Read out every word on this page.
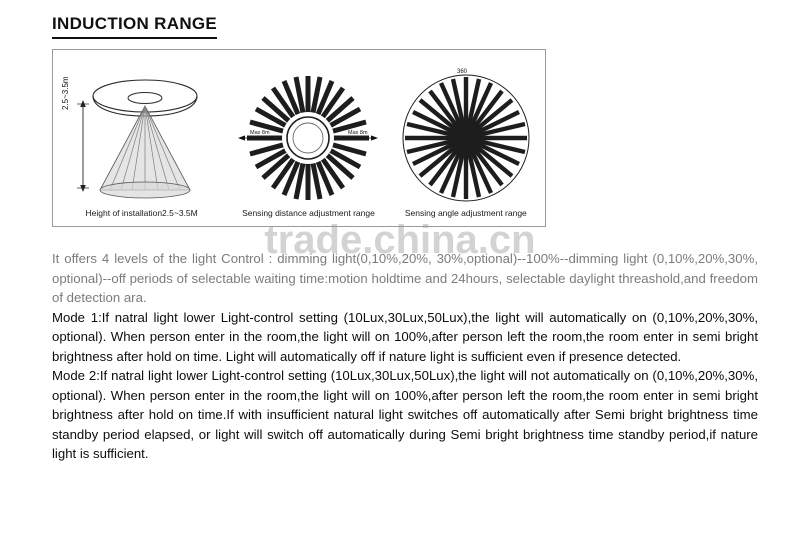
INDUCTION RANGE
2.5~3.5m
Height of installation2.5~3.5M
Max 8m	Max 8m
Sensing distance adjustment range
360
Sensing angle adjustment range
trade.china.cn

It offers 4 levels of the light Control : dimming light(0,10%,20%, 30%,optional)--100%--dimming light (0,10%,20%,30%, optional)--off periods of selectable waiting time:motion holdtime and 24hours, selectable daylight threashold,and freedom of detection ara.

Mode 1:If natral light lower Light-control setting (10Lux,30Lux,50Lux),the light will automatically on (0,10%,20%,30%, optional). When person enter in the room,the light will on 100%,after person left the room,the room enter in semi bright brightness after hold on time. Light will automatically off if nature light is sufficient even if presence detected.

Mode 2:If natral light lower Light-control setting (10Lux,30Lux,50Lux),the light will not automatically on (0,10%,20%,30%, optional). When person enter in the room,the light will on 100%,after person left the room,the room enter in semi bright brightness after hold on time.If with insufficient natural light switches off automatically after Semi bright brightness time standby period elapsed, or light will switch off automatically during Semi bright brightness time standby period,if nature light is sufficient.
